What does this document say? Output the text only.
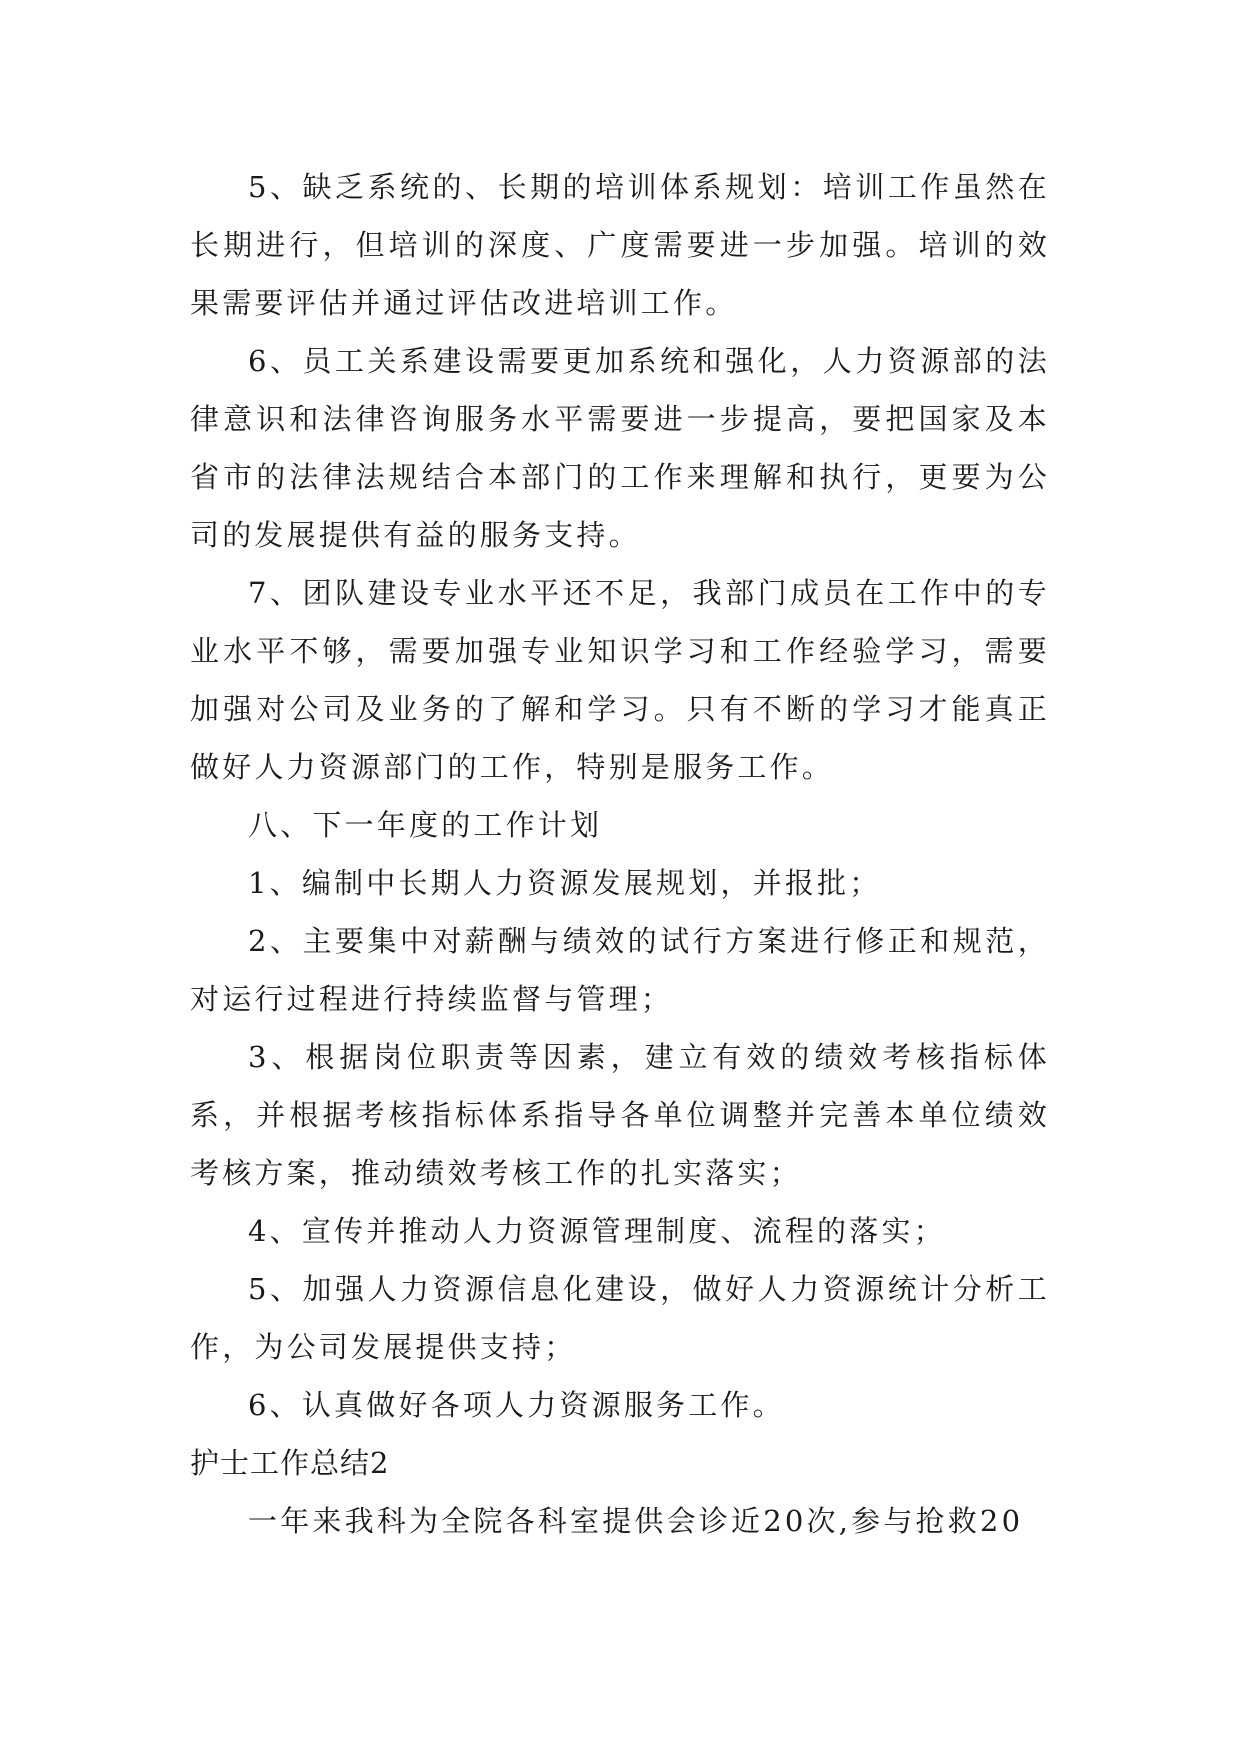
5、缺乏系统的、长期的培训体系规划：培训工作虽然在长期进行，但培训的深度、广度需要进一步加强。培训的效果需要评估并通过评估改进培训工作。

6、员工关系建设需要更加系统和强化，人力资源部的法律意识和法律咨询服务水平需要进一步提高，要把国家及本省市的法律法规结合本部门的工作来理解和执行，更要为公司的发展提供有益的服务支持。

7、团队建设专业水平还不足，我部门成员在工作中的专业水平不够，需要加强专业知识学习和工作经验学习，需要加强对公司及业务的了解和学习。只有不断的学习才能真正做好人力资源部门的工作，特别是服务工作。

八、下一年度的工作计划

1、编制中长期人力资源发展规划，并报批；

2、主要集中对薪酬与绩效的试行方案进行修正和规范，对运行过程进行持续监督与管理；

3、根据岗位职责等因素，建立有效的绩效考核指标体系，并根据考核指标体系指导各单位调整并完善本单位绩效考核方案，推动绩效考核工作的扎实落实；

4、宣传并推动人力资源管理制度、流程的落实；

5、加强人力资源信息化建设，做好人力资源统计分析工作，为公司发展提供支持；

6、认真做好各项人力资源服务工作。

护士工作总结2

一年来我科为全院各科室提供会诊近20次,参与抢救20
